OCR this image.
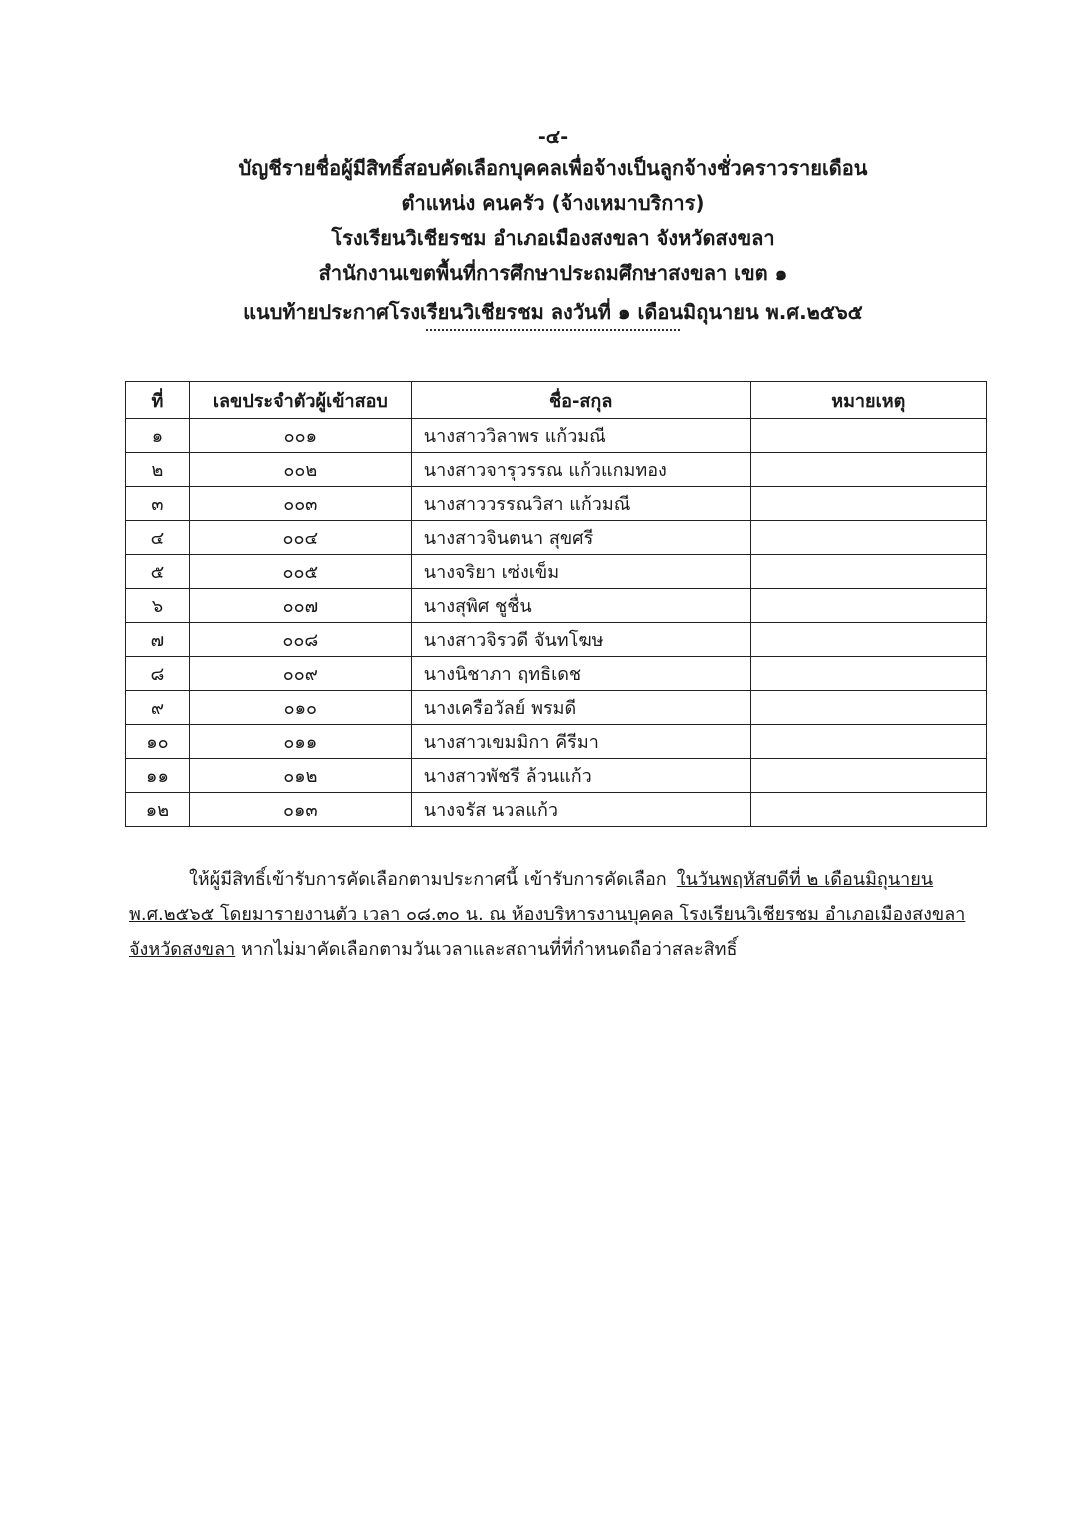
-๔-
บัญชีรายชื่อผู้มีสิทธิ์สอบคัดเลือกบุคคลเพื่อจ้างเป็นลูกจ้างชั่วคราวรายเดือน
ตำแหน่ง คนครัว (จ้างเหมาบริการ)
โรงเรียนวิเชียรชม อำเภอเมืองสงขลา จังหวัดสงขลา
สำนักงานเขตพื้นที่การศึกษาประถมศึกษาสงขลา เขต ๑
แนบท้ายประกาศโรงเรียนวิเชียรชม ลงวันที่ ๑ เดือนมิถุนายน พ.ศ.๒๕๖๕
ที่	เลขประจำตัวผู้เข้าสอบ	ชื่อ-สกุล	หมายเหตุ
๑	๐๐๑	นางสาววิลาพร แก้วมณี	
๒	๐๐๒	นางสาวจารุวรรณ แก้วแกมทอง	
๓	๐๐๓	นางสาววรรณวิสา แก้วมณี	
๔	๐๐๔	นางสาวจินตนา สุขศรี	
๕	๐๐๕	นางจริยา เซ่งเข็ม	
๖	๐๐๗	นางสุพิศ ชูชื่น	
๗	๐๐๘	นางสาวจิรวดี จันทโฆษ	
๘	๐๐๙	นางนิชาภา ฤทธิเดช	
๙	๐๑๐	นางเครือวัลย์ พรมดี	
๑๐	๐๑๑	นางสาวเขมมิกา คีรีมา	
๑๑	๐๑๒	นางสาวพัชรี ล้วนแก้ว	
๑๒	๐๑๓	นางจรัส นวลแก้ว	

ให้ผู้มีสิทธิ์เข้ารับการคัดเลือกตามประกาศนี้ เข้ารับการคัดเลือก ในวันพฤหัสบดีที่ ๒ เดือนมิถุนายน

พ.ศ.๒๕๖๕ โดยมารายงานตัว เวลา ๐๘.๓๐ น. ณ ห้องบริหารงานบุคคล โรงเรียนวิเชียรชม อำเภอเมืองสงขลา

จังหวัดสงขลา หากไม่มาคัดเลือกตามวันเวลาและสถานที่ที่กำหนดถือว่าสละสิทธิ์
